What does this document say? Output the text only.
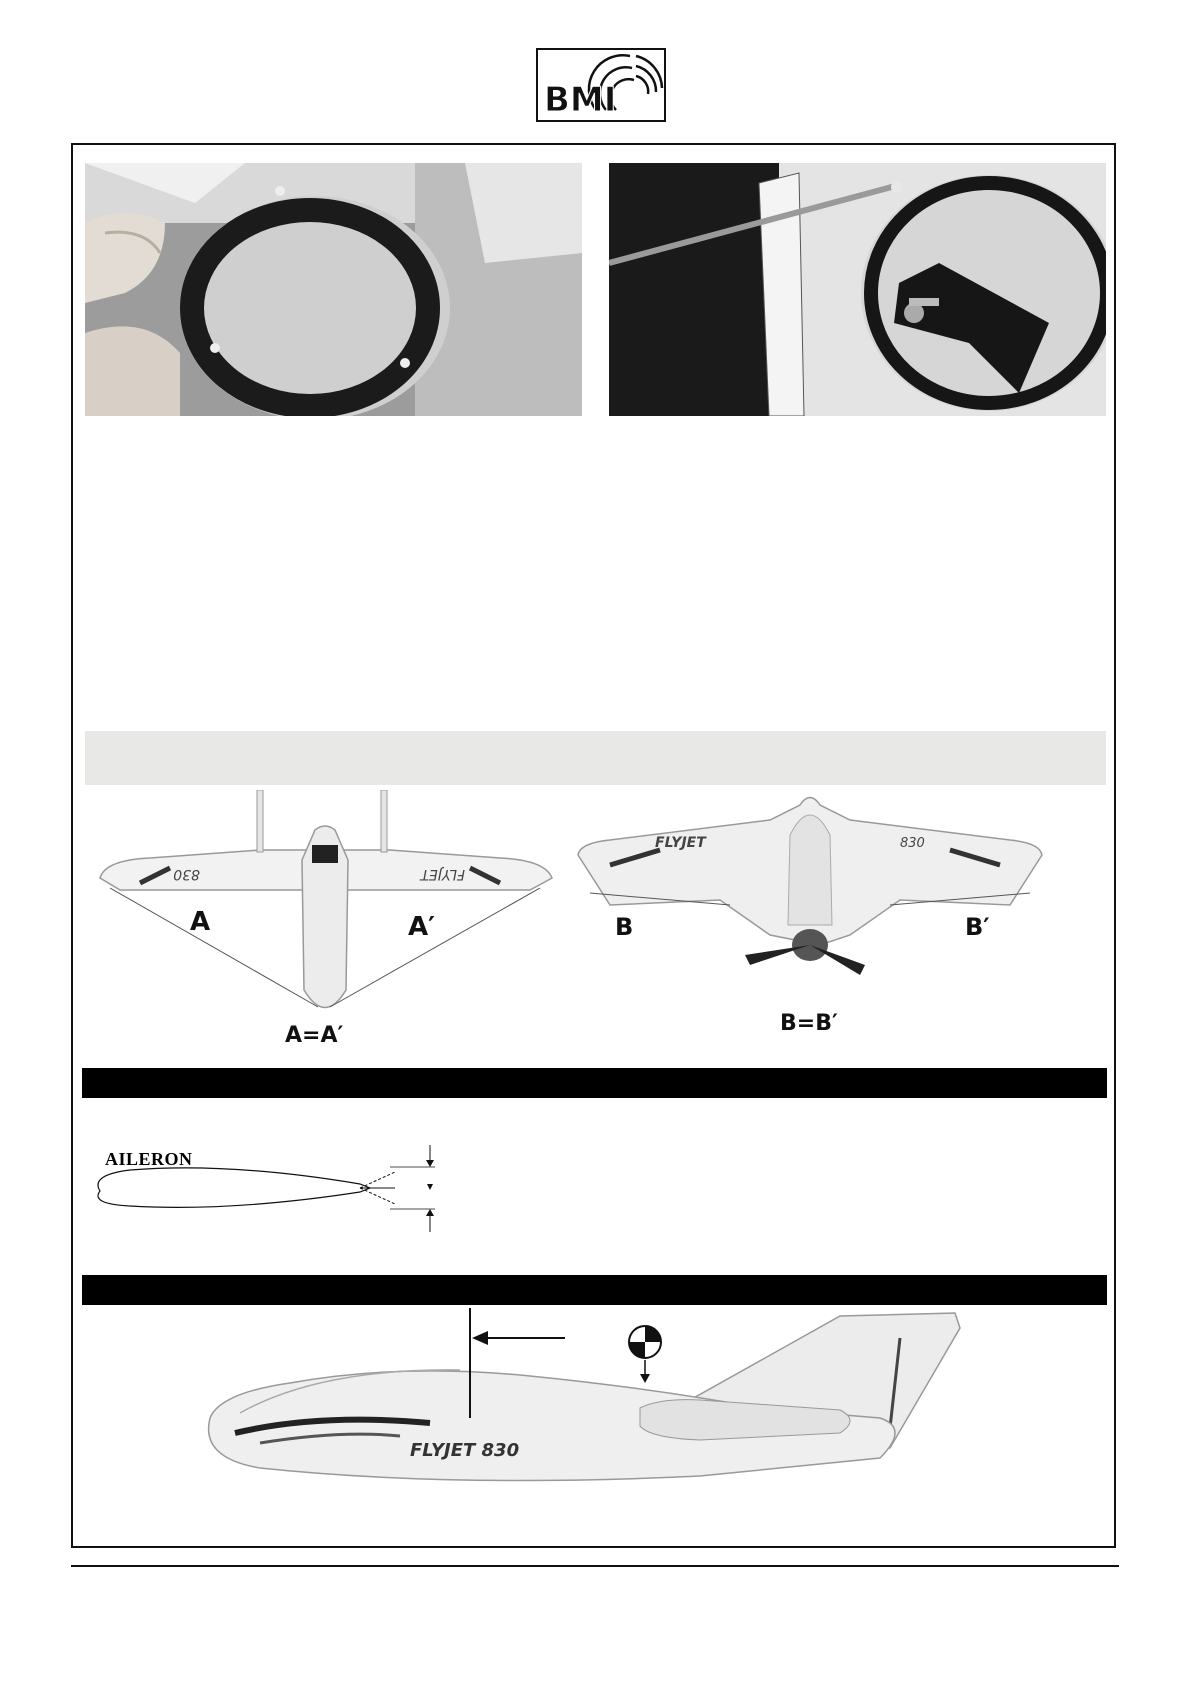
BMI
830	FLYJET
A	A′
A=A′
FLYJET	830
B	B′
B=B′
AILERON
FLYJET 830
